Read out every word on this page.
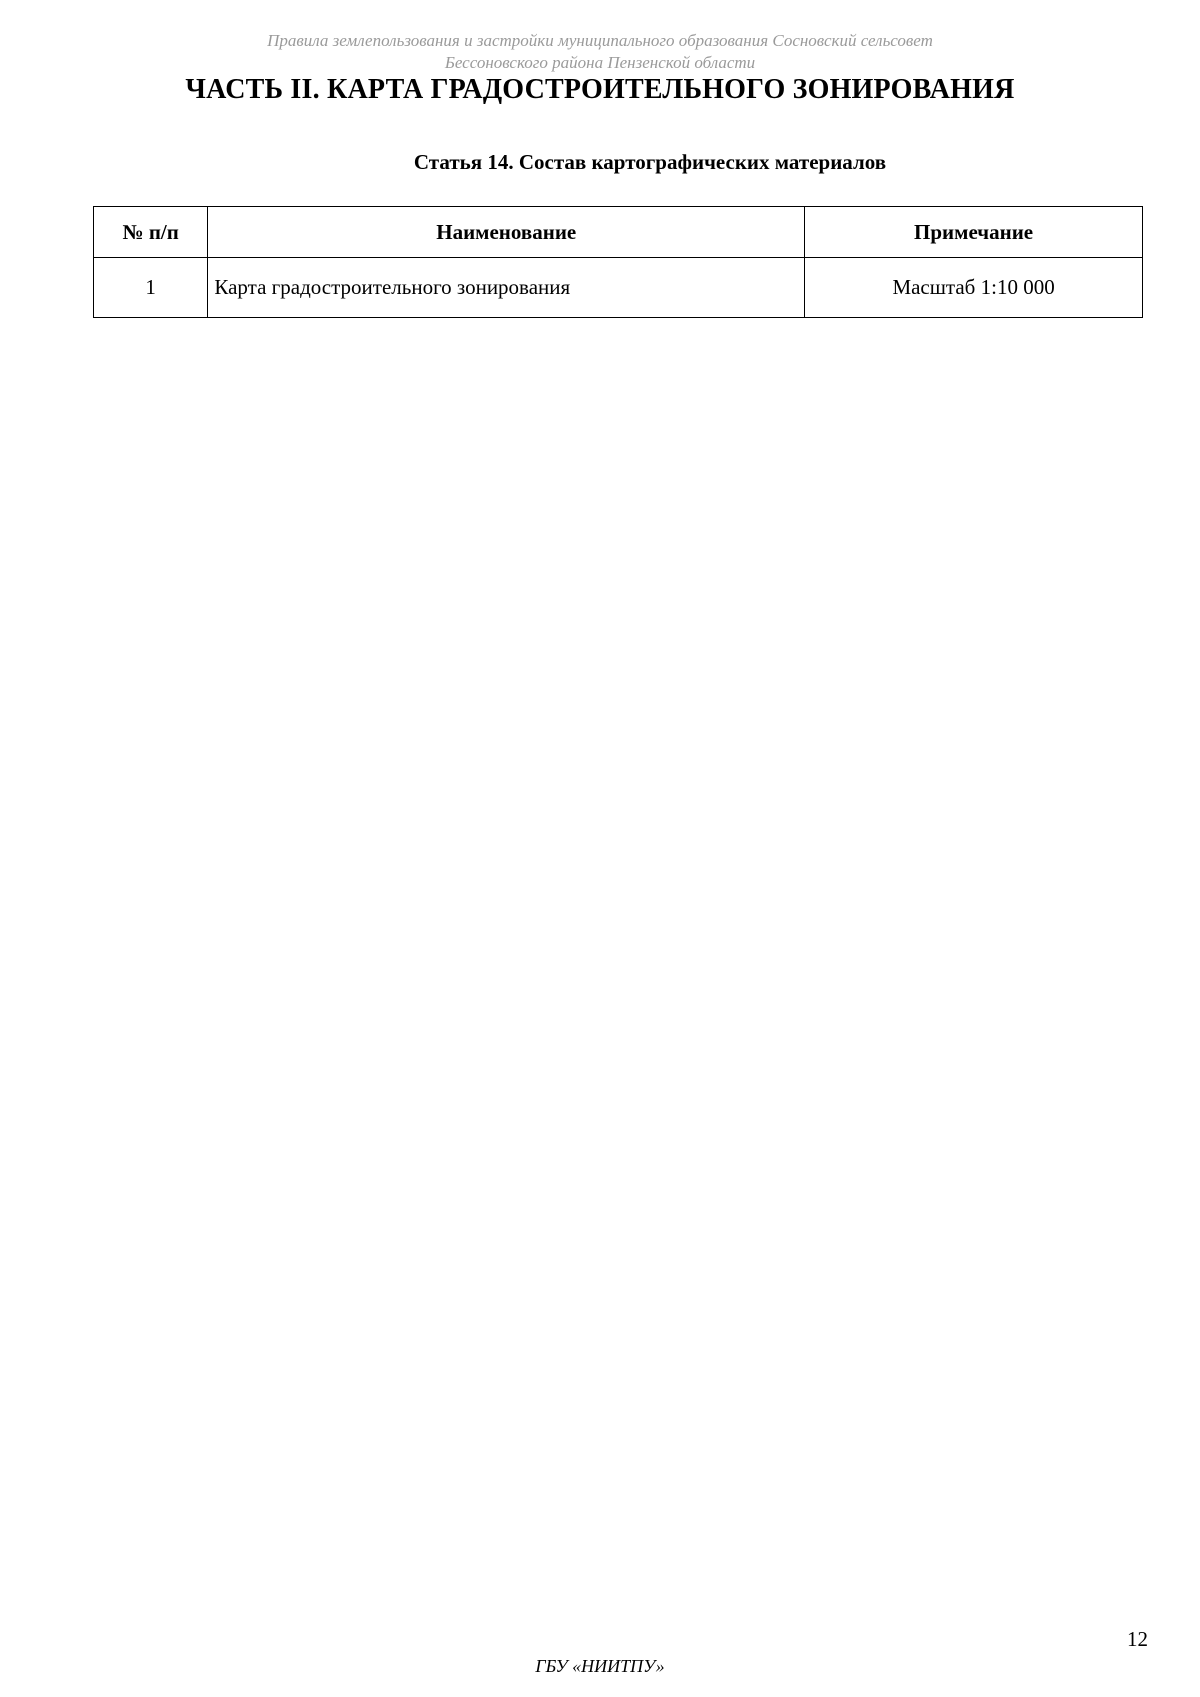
Правила землепользования и застройки муниципального образования Сосновский сельсовет
Бессоновского района Пензенской области
ЧАСТЬ II. КАРТА ГРАДОСТРОИТЕЛЬНОГО ЗОНИРОВАНИЯ
Статья 14. Состав картографических материалов
№ п/п	Наименование	Примечание
1	Карта градостроительного зонирования	Масштаб 1:10 000
12
ГБУ «НИИТПУ»
